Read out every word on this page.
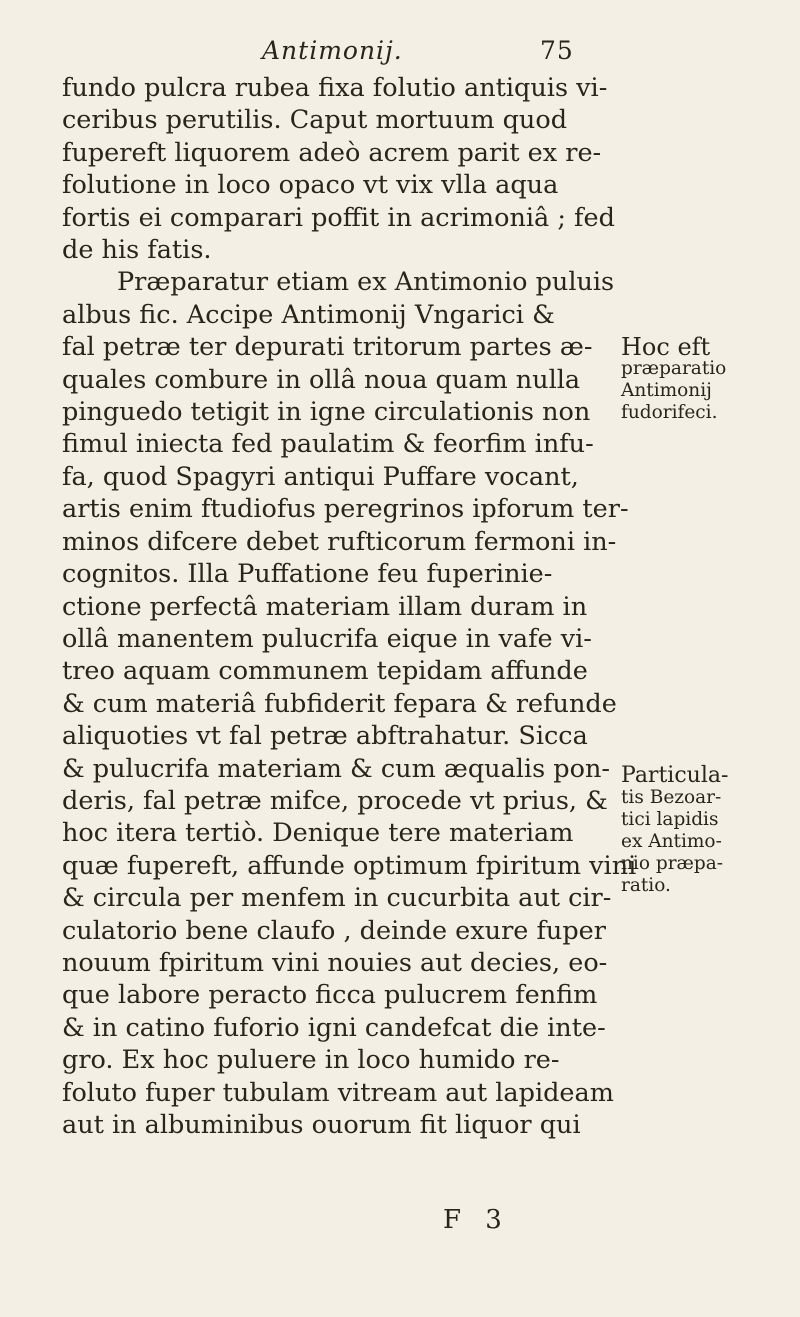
Antimonij.	75
fundo pulcra rubea fixa folutio antiquis vi-
ceribus perutilis. Caput mortuum quod
fupereft liquorem adeò acrem parit ex re-
folutione in loco opaco vt vix vlla aqua
fortis ei comparari poffit in acrimoniâ ; fed
de his fatis.
Præparatur etiam ex Antimonio puluis
albus fic. Accipe Antimonij Vngarici &
fal petræ ter depurati tritorum partes æ-
quales combure in ollâ noua quam nulla
pinguedo tetigit in igne circulationis non
fimul iniecta fed paulatim & feorfim infu-
fa, quod Spagyri antiqui Puffare vocant,
artis enim ftudiofus peregrinos ipforum ter-
minos difcere debet rufticorum fermoni in-
cognitos. Illa Puffatione feu fuperinie-
ctione perfectâ materiam illam duram in
ollâ manentem pulucrifa eique in vafe vi-
treo aquam communem tepidam affunde
& cum materiâ fubfiderit fepara & refunde
aliquoties vt fal petræ abftrahatur. Sicca
& pulucrifa materiam & cum æqualis pon-
deris, fal petræ mifce, procede vt prius, &
hoc itera tertiò. Denique tere materiam
quæ fupereft, affunde optimum fpiritum vini
& circula per menfem in cucurbita aut cir-
culatorio bene claufo , deinde exure fuper
nouum fpiritum vini nouies aut decies, eo-
que labore peracto ficca pulucrem fenfim
& in catino fuforio igni candefcat die inte-
gro. Ex hoc puluere in loco humido re-
foluto fuper tubulam vitream aut lapideam
aut in albuminibus ouorum fit liquor qui
F 3
Hoc eft
præparatio
Antimonij
fudorifeci.
Particula-
tis Bezoar-
tici lapidis
ex Antimo-
nio præpa-
ratio.
